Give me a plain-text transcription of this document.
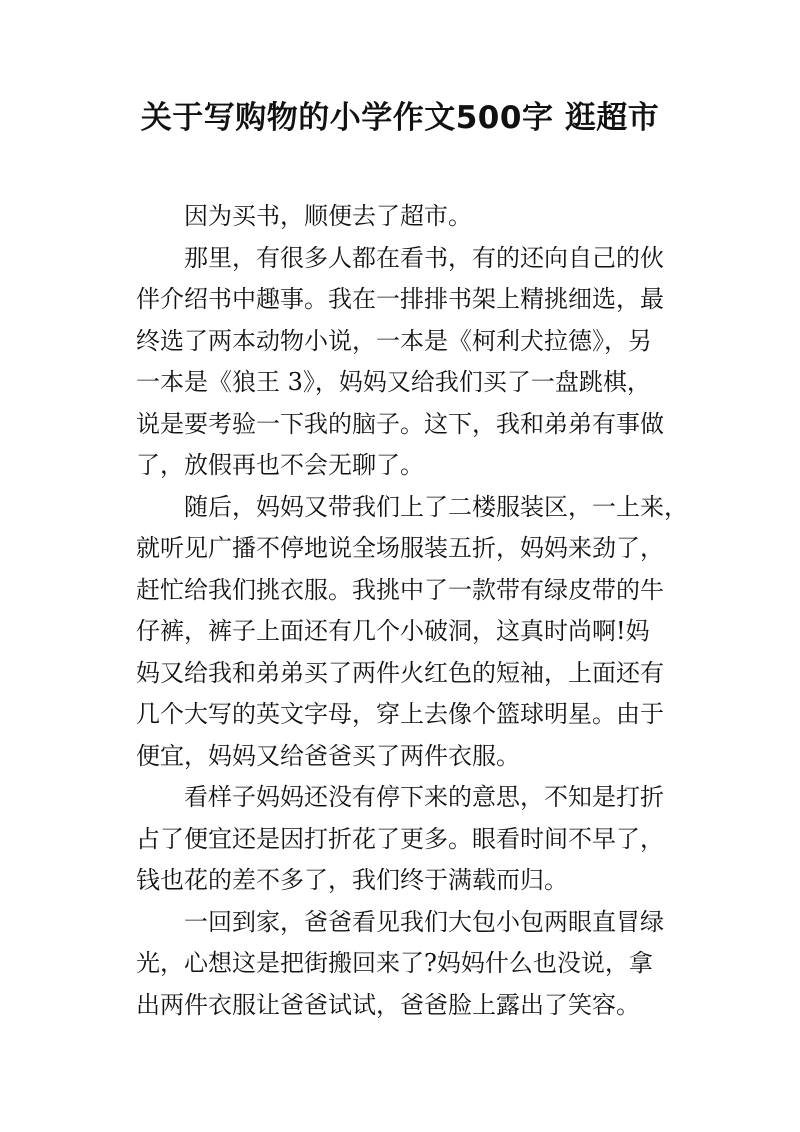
关于写购物的小学作文500字 逛超市
因为买书，顺便去了超市。
那里，有很多人都在看书，有的还向自己的伙
伴介绍书中趣事。我在一排排书架上精挑细选，最
终选了两本动物小说，一本是《柯利犬拉德》，另
一本是《狼王 3》，妈妈又给我们买了一盘跳棋，
说是要考验一下我的脑子。这下，我和弟弟有事做
了，放假再也不会无聊了。
随后，妈妈又带我们上了二楼服装区，一上来，
就听见广播不停地说全场服装五折，妈妈来劲了，
赶忙给我们挑衣服。我挑中了一款带有绿皮带的牛
仔裤，裤子上面还有几个小破洞，这真时尚啊!妈
妈又给我和弟弟买了两件火红色的短袖，上面还有
几个大写的英文字母，穿上去像个篮球明星。由于
便宜，妈妈又给爸爸买了两件衣服。
看样子妈妈还没有停下来的意思，不知是打折
占了便宜还是因打折花了更多。眼看时间不早了，
钱也花的差不多了，我们终于满载而归。
一回到家，爸爸看见我们大包小包两眼直冒绿
光，心想这是把街搬回来了?妈妈什么也没说，拿
出两件衣服让爸爸试试，爸爸脸上露出了笑容。
